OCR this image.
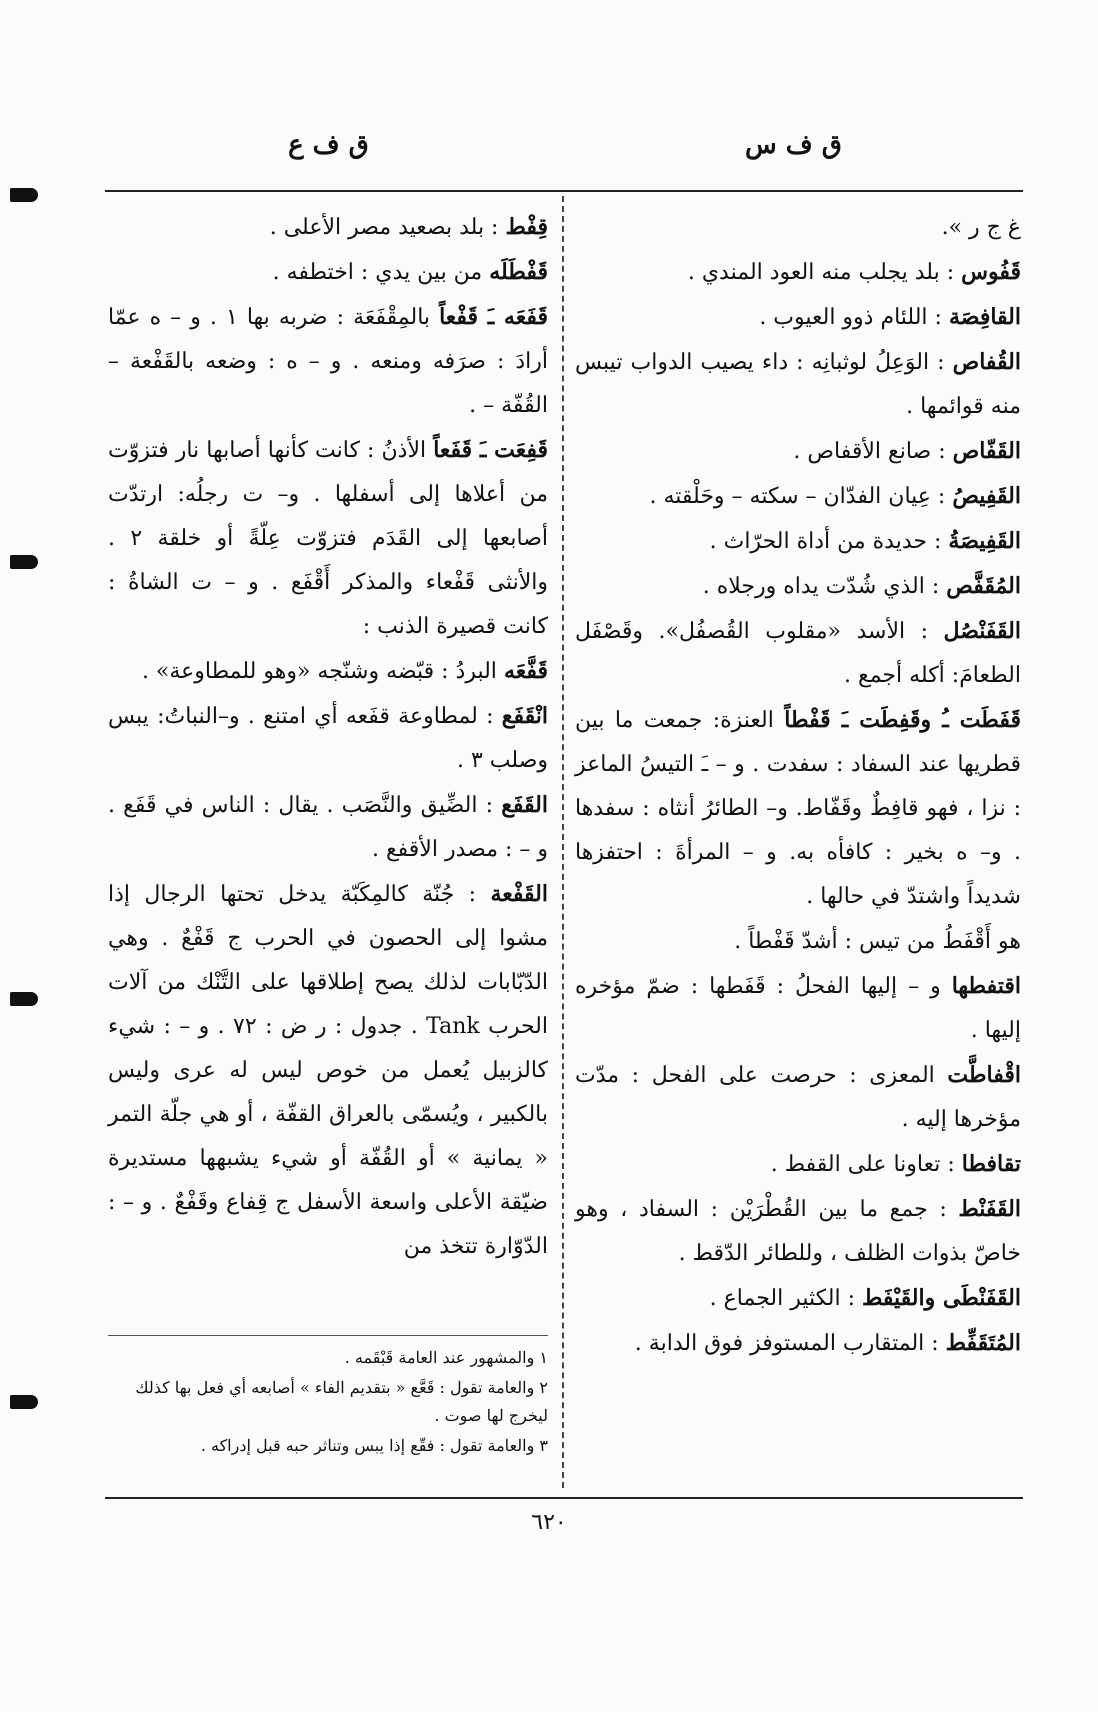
ق ف س
ق ف ع

غ ج ر ».

قَفُوس : بلد يجلب منه العود المندي .

القافِصَة : اللئام ذوو العيوب .

القُفاص : الوَعِلُ لوثبانِه : داء يصيب الدواب تيبس منه قوائمها .

القَفّاص : صانع الأقفاص .

القَفِيصُ : عِيان الفدّان – سكته – وحَلْقته .

القَفِيصَةُ : حديدة من أداة الحرّاث .

المُقَفَّص : الذي شُدّت يداه ورجلاه .

القَفَنْصُل : الأسد «مقلوب القُصفُل». وقَصْفَل الطعامَ: أكله أجمع .

قَفَطَت ـُ وقَفِطَت ـَ قَفْطاً العنزة: جمعت ما بين قطريها عند السفاد : سفدت . و – ـَ التيسُ الماعز : نزا ، فهو قافِطٌ وقَفّاط. و– الطائرُ أنثاه : سفدها . و– ه بخير : كافأه به. و – المرأةَ : احتفزها شديداً واشتدّ في حالها .

هو أَقْفَطُ من تيس : أشدّ قَفْطاً .

اقتفطها و – إليها الفحلُ : قَفَطها : ضمّ مؤخره إليها .

اقْفاطَّت المعزى : حرصت على الفحل : مدّت مؤخرها إليه .

تقافطا : تعاونا على القفط .

القَفَنْط : جمع ما بين القُطْرَيْن : السفاد ، وهو خاصّ بذوات الظلف ، وللطائر الدّقط .

القَفَنْطَى والقَيْفَط : الكثير الجماع .

المُتَقَفِّط : المتقارب المستوفز فوق الدابة .

قِفْط : بلد بصعيد مصر الأعلى .

قَفْطَلَه من بين يدي : اختطفه .

قَفَعَه ـَ قَفْعاً بالمِقْفَعَة : ضربه بها ١ . و – ه عمّا أرادَ : صرَفه ومنعه . و – ه : وضعه بالقَفْعة – القُفّة – .

قَفِعَت ـَ قَفَعاً الأذنُ : كانت كأنها أصابها نار فتزوّت من أعلاها إلى أسفلها . و– ت رجلُه: ارتدّت أصابعها إلى القَدَم فتزوّت عِلّةً أو خلقة ٢ . والأنثى قَفْعاء والمذكر أَقْفَع . و – ت الشاةُ : كانت قصيرة الذنب :

قَفَّعَه البردُ : قبّضه وشنّجه «وهو للمطاوعة» .

انْقَفَع : لمطاوعة قفَعه أي امتنع . و–النباتُ: يبس وصلب ٣ .

القَفَع : الضِّيق والنَّصَب . يقال : الناس في قَفَع . و – : مصدر الأقفع .

القَفْعة : جُنّة كالمِكَبّة يدخل تحتها الرجال إذا مشوا إلى الحصون في الحرب ج قَفْعٌ . وهي الدّبّابات لذلك يصح إطلاقها على التَّنْك من آلات الحرب Tank . جدول : ر ض : ٧٢ . و – : شيء كالزبيل يُعمل من خوص ليس له عرى وليس بالكبير ، ويُسمّى بالعراق القفّة ، أو هي جلّة التمر « يمانية » أو القُفّة أو شيء يشبهها مستديرة ضيّقة الأعلى واسعة الأسفل ج قِفاع وقَفْعٌ . و – : الدّوّارة تتخذ من

١ والمشهور عند العامة قَبْقَمه .

٢ والعامة تقول : قَعَّع « بتقديم الفاء » أصابعه أي فعل بها كذلك ليخرج لها صوت .

٣ والعامة تقول : فقّع إذا يبس وتناثر حبه قبل إدراكه .

٦٢٠
